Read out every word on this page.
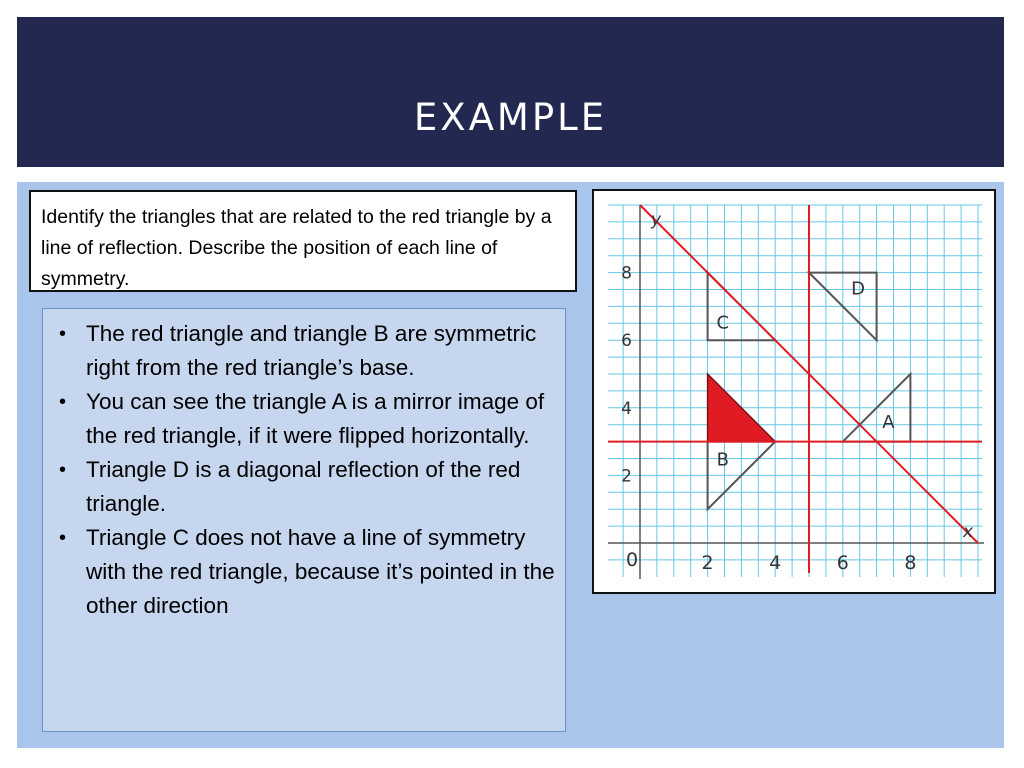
EXAMPLE
Identify the triangles that are related to the red triangle by a line of reflection. Describe the position of each line of symmetry.
• The red triangle and triangle B are symmetric right from the red triangle’s base.
• You can see the triangle A is a mirror image of the red triangle, if it were flipped horizontally.
• Triangle D is a diagonal reflection of the red triangle.
• Triangle C does not have a line of symmetry with the red triangle, because it’s pointed in the other direction
2	4	6	8
2
4
6
8
0
y
x
A
B
C
D
